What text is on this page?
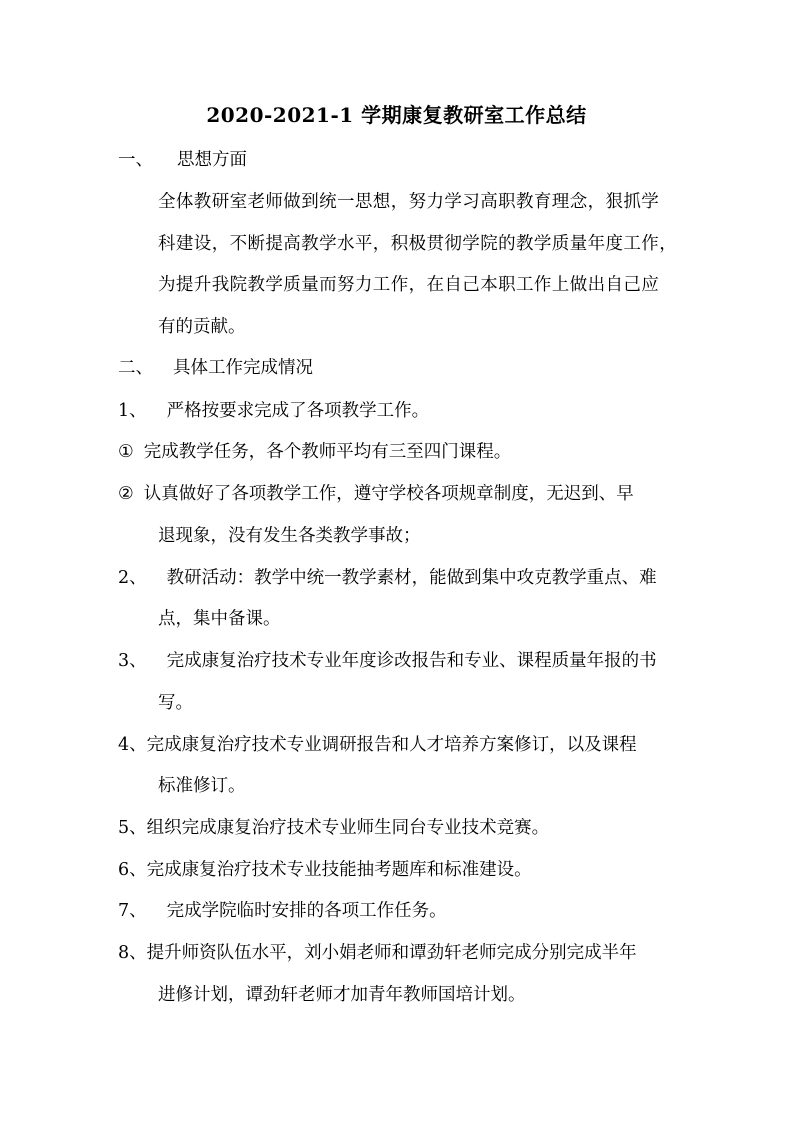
2020-2021-1 学期康复教研室工作总结
一、 思想方面
全体教研室老师做到统一思想，努力学习高职教育理念，狠抓学
科建设，不断提高教学水平，积极贯彻学院的教学质量年度工作，
为提升我院教学质量而努力工作，在自己本职工作上做出自己应
有的贡献。
二、 具体工作完成情况
1、 严格按要求完成了各项教学工作。
① 完成教学任务，各个教师平均有三至四门课程。
② 认真做好了各项教学工作，遵守学校各项规章制度，无迟到、早
退现象，没有发生各类教学事故；
2、 教研活动：教学中统一教学素材，能做到集中攻克教学重点、难
点，集中备课。
3、 完成康复治疗技术专业年度诊改报告和专业、课程质量年报的书
写。
4、完成康复治疗技术专业调研报告和人才培养方案修订，以及课程
标准修订。
5、组织完成康复治疗技术专业师生同台专业技术竞赛。
6、完成康复治疗技术专业技能抽考题库和标准建设。
7、 完成学院临时安排的各项工作任务。
8、提升师资队伍水平，刘小娟老师和谭劲轩老师完成分别完成半年
进修计划，谭劲轩老师才加青年教师国培计划。
